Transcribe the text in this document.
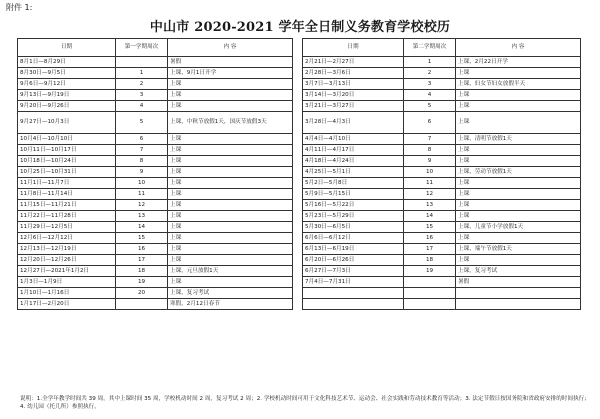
附件 1:
中山市 2020-2021 学年全日制义务教育学校校历
日期	第一学期周次	内 容
8月1日—8月29日		暑假
8月30日—9月5日	1	上课，9月1日开学
9月6日—9月12日	2	上课
9月13日—9月19日	3	上课
9月20日—9月26日	4	上课
9月27日—10月3日	5	上课，中秋节放假1天，国庆节放假3天
10月4日—10月10日	6	上课
10月11日—10月17日	7	上课
10月18日—10月24日	8	上课
10月25日—10月31日	9	上课
11月1日—11月7日	10	上课
11月8日—11月14日	11	上课
11月15日—11月21日	12	上课
11月22日—11月28日	13	上课
11月29日—12月5日	14	上课
12月6日—12月12日	15	上课
12月13日—12月19日	16	上课
12月20日—12月26日	17	上课
12月27日—2021年1月2日	18	上课，元旦放假1天
1月3日—1月9日	19	上课
1月10日—1月16日	20	上课，复习考试
1月17日—2月20日		寒假，2月12日春节
日期	第二学期周次	内 容
2月21日—2月27日	1	上课，2月22日开学
2月28日—3月6日	2	上课
3月7日—3月13日	3	上课，妇女节妇女放假半天
3月14日—3月20日	4	上课
3月21日—3月27日	5	上课
3月28日—4月3日	6	上课
4月4日—4月10日	7	上课，清明节放假1天
4月11日—4月17日	8	上课
4月18日—4月24日	9	上课
4月25日—5月1日	10	上课，劳动节放假1天
5月2日—5月8日	11	上课
5月9日—5月15日	12	上课
5月16日—5月22日	13	上课
5月23日—5月29日	14	上课
5月30日—6月5日	15	上课，儿童节小学放假1天
6月6日—6月12日	16	上课
6月13日—6月19日	17	上课，端午节放假1天
6月20日—6月26日	18	上课
6月27日—7月3日	19	上课，复习考试
7月4日—7月31日		暑假

说明：1.全学年教学时间共 39 周，其中上课时间 35 周，学校机动时间 2 周，复习考试 2 周；2. 学校机动时间可用于文化科技艺术节、运动会、社会实践和劳动技术教育等活动；3. 法定节假日按国务院和省政府安排的时间执行；4. 幼儿园（托儿所）参照执行。
